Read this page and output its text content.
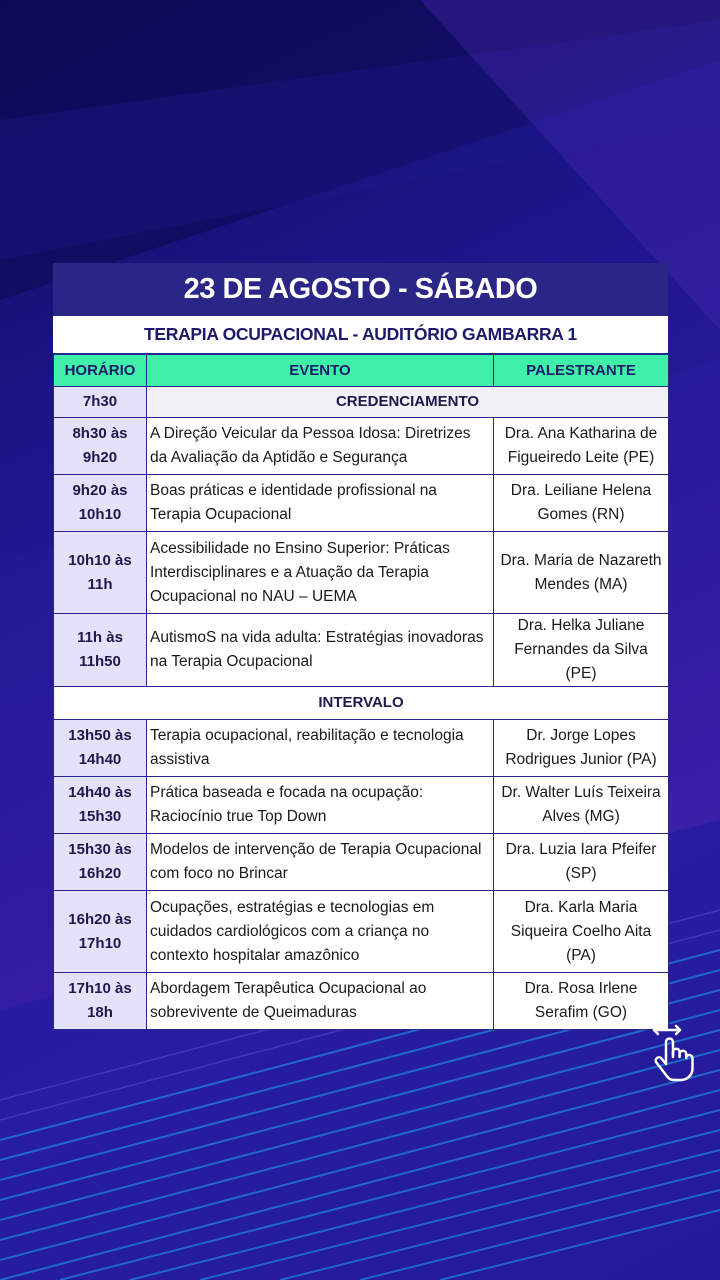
23 DE AGOSTO - SÁBADO
TERAPIA OCUPACIONAL - AUDITÓRIO GAMBARRA 1
HORÁRIO	EVENTO	PALESTRANTE
7h30	CREDENCIAMENTO	
8h30 às 9h20	A Direção Veicular da Pessoa Idosa: Diretrizes da Avaliação da Aptidão e Segurança	Dra. Ana Katharina de Figueiredo Leite (PE)
9h20 às 10h10	Boas práticas e identidade profissional na Terapia Ocupacional	Dra. Leiliane Helena Gomes (RN)
10h10 às 11h	Acessibilidade no Ensino Superior: Práticas Interdisciplinares e a Atuação da Terapia Ocupacional no NAU – UEMA	Dra. Maria de Nazareth Mendes (MA)
11h às 11h50	AutismoS na vida adulta: Estratégias inovadoras na Terapia Ocupacional	Dra. Helka Juliane Fernandes da Silva (PE)
INTERVALO		
13h50 às 14h40	Terapia ocupacional, reabilitação e tecnologia assistiva	Dr. Jorge Lopes Rodrigues Junior (PA)
14h40 às 15h30	Prática baseada e focada na ocupação: Raciocínio true Top Down	Dr. Walter Luís Teixeira Alves (MG)
15h30 às 16h20	Modelos de intervenção de Terapia Ocupacional com foco no Brincar	Dra. Luzia Iara Pfeifer (SP)
16h20 às 17h10	Ocupações, estratégias e tecnologias em cuidados cardiológicos com a criança no contexto hospitalar amazônico	Dra. Karla Maria Siqueira Coelho Aita (PA)
17h10 às 18h	Abordagem Terapêutica Ocupacional ao sobrevivente de Queimaduras	Dra. Rosa Irlene Serafim (GO)
